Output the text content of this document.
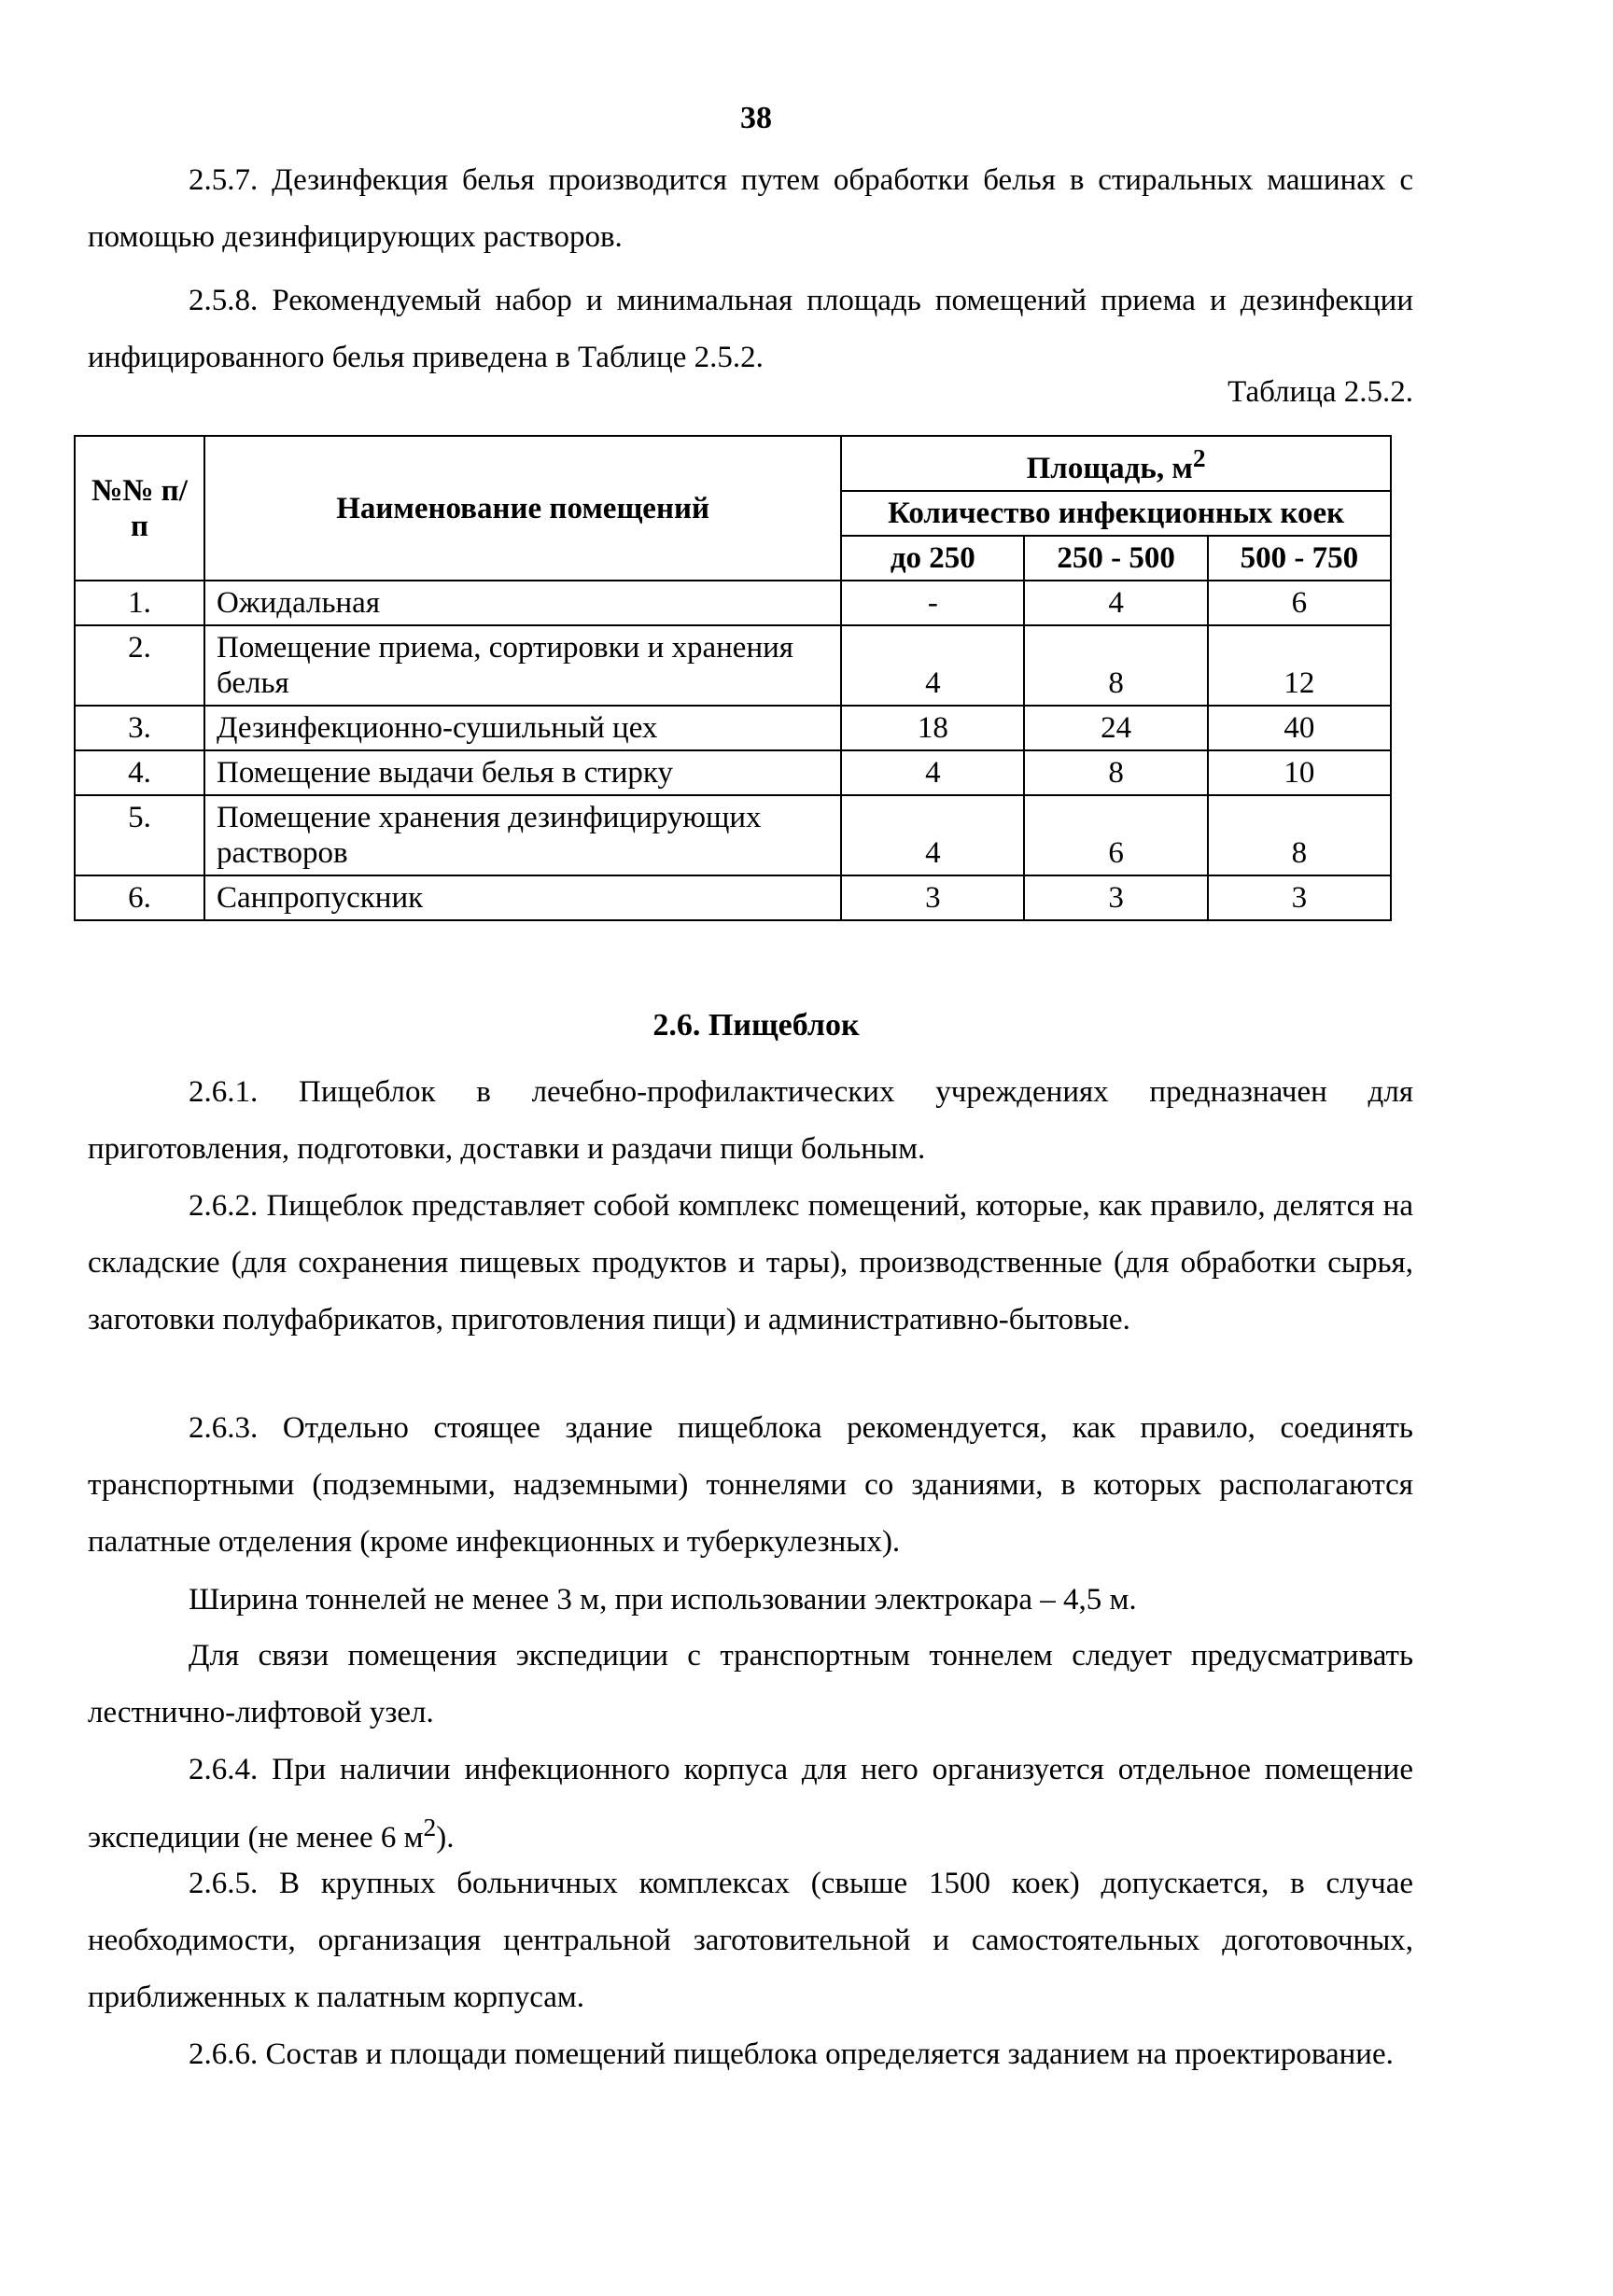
38

2.5.7. Дезинфекция белья производится путем обработки белья в стиральных машинах с помощью дезинфицирующих растворов.

2.5.8. Рекомендуемый набор и минимальная площадь помещений приема и дезинфекции инфицированного белья приведена в Таблице 2.5.2.

Таблица 2.5.2.
№№ п/п	Наименование помещений	Площадь, $м^2$
		Количество инфекционных коек		
		до 250	250 - 500	500 - 750
1.	Ожидальная	-	4	6
2.	Помещение приема, сортировки и хранения белья	4	8	12
3.	Дезинфекционно-сушильный цех	18	24	40
4.	Помещение выдачи белья в стирку	4	8	10
5.	Помещение хранения дезинфицирующих растворов	4	6	8
6.	Санпропускник	3	3	3
2.6. Пищеблок

2.6.1. Пищеблок в лечебно-профилактических учреждениях предназначен для приготовления, подготовки, доставки и раздачи пищи больным.

2.6.2. Пищеблок представляет собой комплекс помещений, которые, как правило, делятся на складские (для сохранения пищевых продуктов и тары), производственные (для обработки сырья, заготовки полуфабрикатов, приготовления пищи) и административно-бытовые.

2.6.3. Отдельно стоящее здание пищеблока рекомендуется, как правило, соединять транспортными (подземными, надземными) тоннелями со зданиями, в которых располагаются палатные отделения (кроме инфекционных и туберкулезных).

Ширина тоннелей не менее 3 м, при использовании электрокара – 4,5 м.

Для связи помещения экспедиции с транспортным тоннелем следует предусматривать лестнично-лифтовой узел.

2.6.4. При наличии инфекционного корпуса для него организуется отдельное помещение экспедиции (не менее 6 $м^2$).

2.6.5. В крупных больничных комплексах (свыше 1500 коек) допускается, в случае необходимости, организация центральной заготовительной и самостоятельных доготовочных, приближенных к палатным корпусам.

2.6.6. Состав и площади помещений пищеблока определяется заданием на проектирование.
